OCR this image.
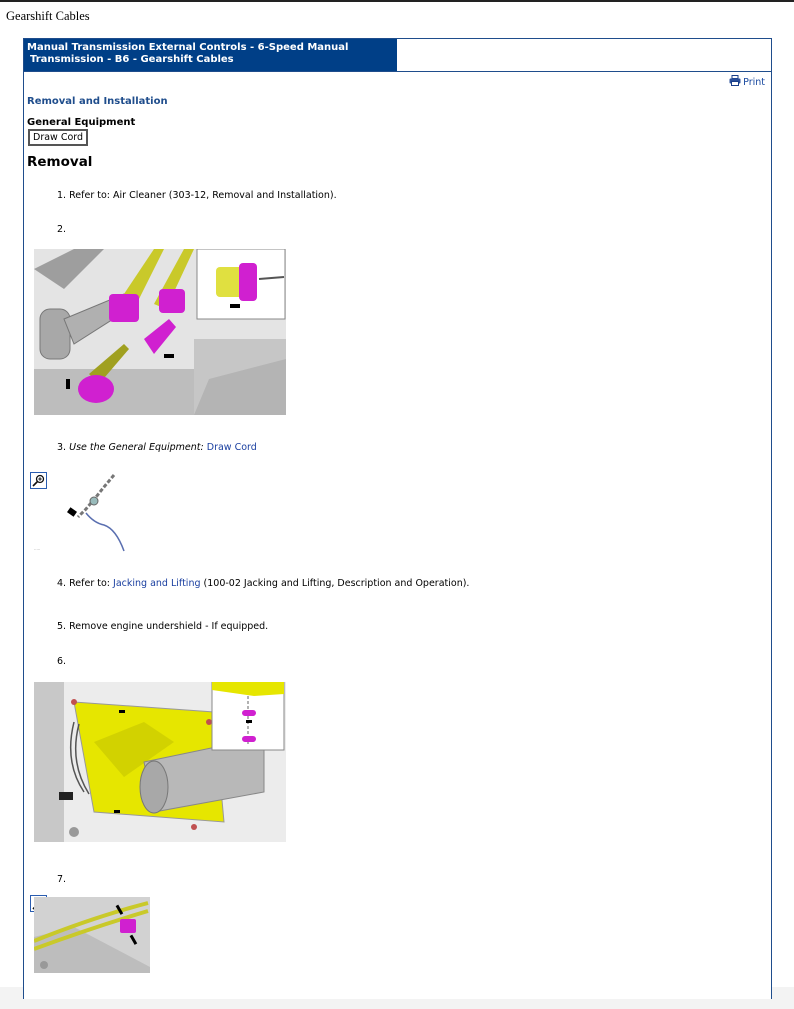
Gearshift Cables
Manual Transmission External Controls - 6-Speed Manual
Transmission - B6 - Gearshift Cables
Print
Removal and Installation
General Equipment
Draw Cord
Removal
1. Refer to: Air Cleaner (303-12, Removal and Installation).
2.
3. Use the General Equipment: Draw Cord
·····
4. Refer to: Jacking and Lifting (100-02 Jacking and Lifting, Description and Operation).
5. Remove engine undershield - If equipped.
6.
7.
